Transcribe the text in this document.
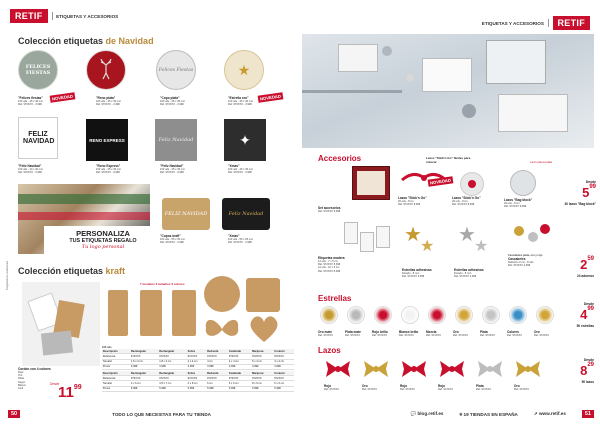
RETIF	ETIQUETAS Y ACCESORIOS
Colección etiquetas de Navidad
FELICES FIESTAS	Felices Fiestas	★
NOVEDAD	NOVEDAD
"Felices fiestas"
100 uds - 45 x 45 mm
Ref. 970XXX - 3,99€
"Reno plata"
100 uds - 45 x 45 mm
Ref. 970XXX - 3,99€
"Copo plata"
100 uds - 45 x 45 mm
Ref. 970XXX - 3,99€
"Estrella oro"
100 uds - 45 x 45 mm
Ref. 970XXX - 3,99€
FELIZ NAVIDAD	RENO EXPRESS	Feliz Navidad	✦
"Feliz Navidad"
100 uds - 40 x 40 mm
Ref. 970XXX - 3,99€
"Reno Express"
100 uds - 45 x 45 mm
Ref. 970XXX - 3,99€
"Feliz Navidad"
100 uds - 45 x 45 mm
Ref. 970XXX - 3,99€
"Xmas"
100 uds - 45 x 45 mm
Ref. 970XXX - 3,99€
PERSONALIZA
TUS ETIQUETAS REGALO
Tu logo personal
FELIZ NAVIDAD	Feliz Navidad
"Copos kraft"
100 uds - 55 x 35 mm
Ref. 970XXX - 3,99€
"Xmas"
100 uds - 55 x 35 mm
Ref. 970XXX - 3,99€
Colección etiquetas kraft
Pregúntenos condiciones	7 modelos 2 tamaños 3 colores
100 uds
Descripción	Rectangular	Rectangular	Sobre	Redonda	Cuadrada	Mariposa	Corazón
Referencia	972XXX	972XXX	972XXX	972XXX	972XXX	972XXX	972XXX
Tamaño	1,5 x 3 cm	1,8 x 4 cm	2 x 4 cm	4 cm	4 x 4 cm	6 x 4 cm	4 x 4 cm
Precio	3,99€	3,99€	3,99€	3,99€	3,99€	3,99€	3,99€
Descripción	Rectangular	Rectangular	Sobre	Redonda	Cuadrada	Mariposa	Corazón
Referencia	972XXX	972XXX	972XXX	972XXX	972XXX	972XXX	972XXX
Tamaño	3 x 6 cm	3,5 x 7 cm	4 x 8 cm	6 cm	6 x 6 cm	8 x 6 cm	6 x 6 cm
Precio	5,99€	5,99€	5,99€	5,99€	5,99€	5,99€	5,99€
Cordón con 4 colores
Rojo
Oro
Plata
Negro
Blanco
Azul
Desde
$11^{99}$
50	TODO LO QUE NECESITAS PARA TU TIENDA
ETIQUETAS Y ACCESORIOS	RETIF
Accesorios	Lazos "Stick'n Go" fáciles para colocar	Lazo plana plata
Set accesorios
Ref. 972XXX 9,99€
NOVEDAD
Lazos "Stick'n Go"
20 uds - 8 cm
Ref. 972XXX 8,99€
Lazos "Stick'n Go"
20 uds - 8 cm
Ref. 972XXX 8,99€
Lazos "Bag block"
30 uds - 8 cm
Ref. 972XXX 9,99€
Desde
$5^{99}$
30 lazos "Bag block"
Etiquetas madera
12 uds - 7 x 5 cm
Ref. 972XXX 5,99€
12 uds - 10 x 6 cm
Ref. 972XXX 6,99€
★
★
★
★
Estrellas adhesivas
Dorado - 8 mm
Ref. 972XXX 3,99€
Estrellas adhesivas
Dorado - 8 mm
Ref. 972XXX 3,99€
Cascabeles plata, oro y rojo
Cascabeles
Diámetro 2 cm - 8 uds
Ref. 972XXX 2,99€	$2^{59}$
24 adornos
Estrellas
Oro mate
Ref. 972XXX
Plata mate
Ref. 972XXX
Rojo brillo
Ref. 972XXX
Blanco brillo
Ref. 972XXX
Mezcla
Ref. 972XXX
Oro
Ref. 972XXX
Plata
Ref. 972XXX
Colores
Ref. 972XXX
Oro
Ref. 972XXX
Desde
$4^{99}$
50 estrellas
Lazos
Rojo
Ref. 972XXX
Oro
Ref. 972XXX
Rojo
Ref. 972XXX
Rojo
Ref. 972XXX
Plata
Ref. 972XXX
Oro
Ref. 972XXX
Desde
$8^{29}$
50 lazos
💬 blog.retif.es	⌾ 19 TIENDAS EN ESPAÑA	➚ www.retif.es	51
